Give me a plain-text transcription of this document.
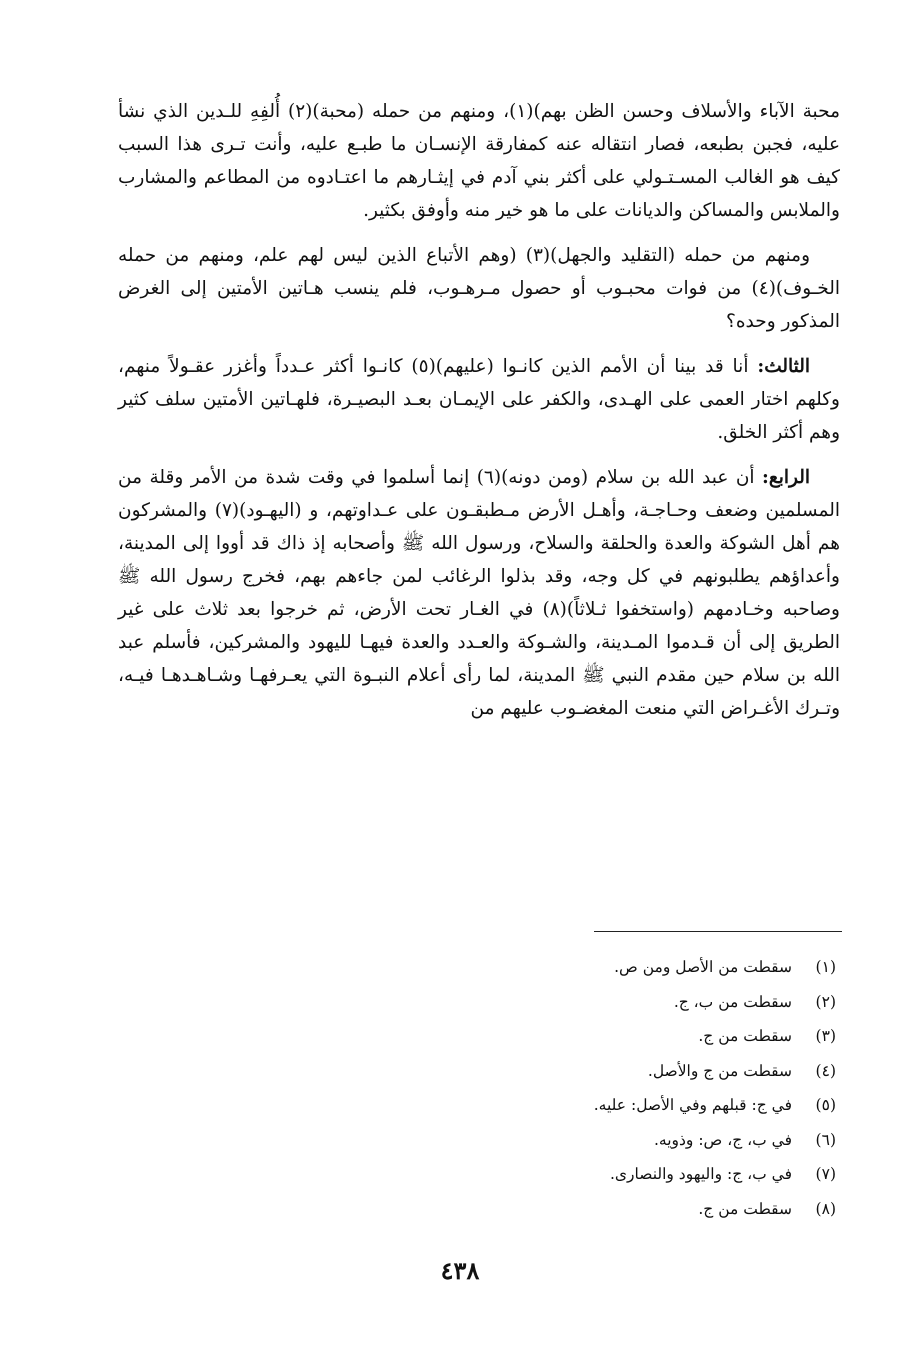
محبة الآباء والأسلاف وحسن الظن بهم)(١)، ومنهم من حمله (محبة)(٢) أُلفِهِ للـدين الذي نشأ عليه، فجبن بطبعه، فصار انتقاله عنه كمفارقة الإنسـان ما طبـع عليه، وأنت تـرى هذا السبب كيف هو الغالب المسـتـولي على أكثر بني آدم في إيثـارهم ما اعتـادوه من المطاعم والمشارب والملابس والمساكن والديانات على ما هو خير منه وأوفق بكثير.

ومنهم من حمله (التقليد والجهل)(٣) (وهم الأتباع الذين ليس لهم علم، ومنهم من حمله الخـوف)(٤) من فوات محبـوب أو حصول مـرهـوب، فلم ينسب هـاتين الأمتين إلى الغرض المذكور وحده؟

الثالث: أنا قد بينا أن الأمم الذين كانـوا (عليهم)(٥) كانـوا أكثر عـدداً وأغزر عقـولاً منهم، وكلهم اختار العمى على الهـدى، والكفر على الإيمـان بعـد البصيـرة، فلهـاتين الأمتين سلف كثير وهم أكثر الخلق.

الرابع: أن عبد الله بن سلام (ومن دونه)(٦) إنما أسلموا في وقت شدة من الأمر وقلة من المسلمين وضعف وحـاجـة، وأهـل الأرض مـطبقـون على عـداوتهم، و (اليهـود)(٧) والمشركون هم أهل الشوكة والعدة والحلقة والسلاح، ورسول الله ﷺ وأصحابه إذ ذاك قد أووا إلى المدينة، وأعداؤهم يطلبونهم في كل وجه، وقد بذلوا الرغائب لمن جاءهم بهم، فخرج رسول الله ﷺ وصاحبه وخـادمهم (واستخفوا ثـلاثاً)(٨) في الغـار تحت الأرض، ثم خرجوا بعد ثلاث على غير الطريق إلى أن قـدموا المـدينة، والشـوكة والعـدد والعدة فيهـا لليهود والمشركين، فأسلم عبد الله بن سلام حين مقدم النبي ﷺ المدينة، لما رأى أعلام النبـوة التي يعـرفهـا وشـاهـدهـا فيـه، وتـرك الأغـراض التي منعت المغضـوب عليهم من

(١)سقطت من الأصل ومن ص.

(٢)سقطت من ب، ج.

(٣)سقطت من ج.

(٤)سقطت من ج والأصل.

(٥)في ج: قبلهم وفي الأصل: عليه.

(٦)في ب، ج، ص: وذويه.

(٧)في ب، ج: واليهود والنصارى.

(٨)سقطت من ج.

٤٣٨
